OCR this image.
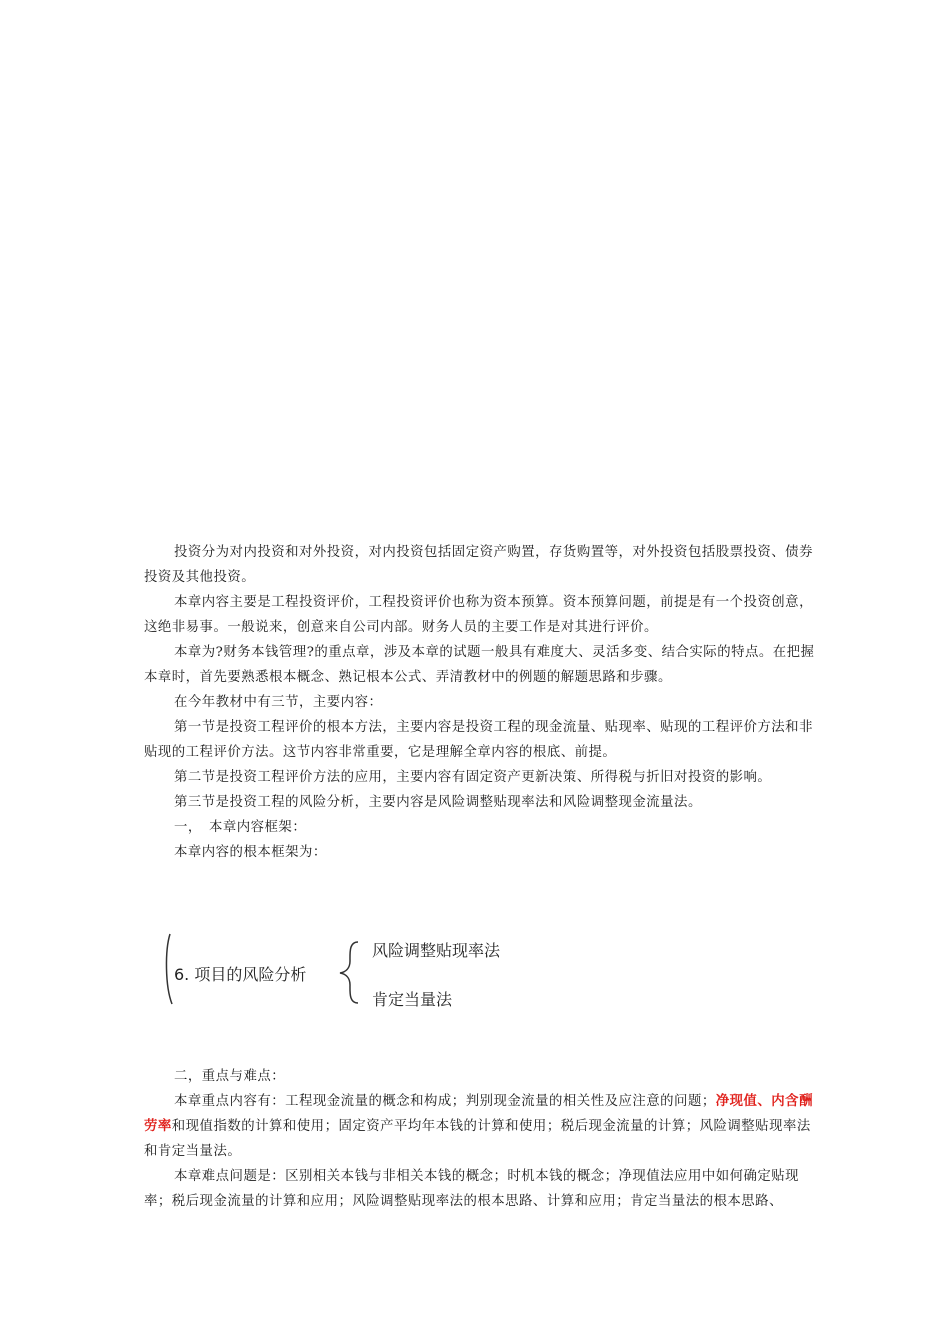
投资分为对内投资和对外投资，对内投资包括固定资产购置，存货购置等，对外投资包括股票投资、债券投资及其他投资。

本章内容主要是工程投资评价，工程投资评价也称为资本预算。资本预算问题，前提是有一个投资创意，这绝非易事。一般说来，创意来自公司内部。财务人员的主要工作是对其进行评价。

本章为?财务本钱管理?的重点章，涉及本章的试题一般具有难度大、灵活多变、结合实际的特点。在把握本章时，首先要熟悉根本概念、熟记根本公式、弄清教材中的例题的解题思路和步骤。

在今年教材中有三节，主要内容：

第一节是投资工程评价的根本方法，主要内容是投资工程的现金流量、贴现率、贴现的工程评价方法和非贴现的工程评价方法。这节内容非常重要，它是理解全章内容的根底、前提。

第二节是投资工程评价方法的应用，主要内容有固定资产更新决策、所得税与折旧对投资的影响。

第三节是投资工程的风险分析，主要内容是风险调整贴现率法和风险调整现金流量法。

一，　本章内容框架：

本章内容的根本框架为：

6. 项目的风险分析
风险调整贴现率法
肯定当量法

二，重点与难点：

本章重点内容有：工程现金流量的概念和构成；判别现金流量的相关性及应注意的问题；净现值、内含酬劳率和现值指数的计算和使用；固定资产平均年本钱的计算和使用；税后现金流量的计算；风险调整贴现率法和肯定当量法。

本章难点问题是：区别相关本钱与非相关本钱的概念；时机本钱的概念；净现值法应用中如何确定贴现率；税后现金流量的计算和应用；风险调整贴现率法的根本思路、计算和应用；肯定当量法的根本思路、
